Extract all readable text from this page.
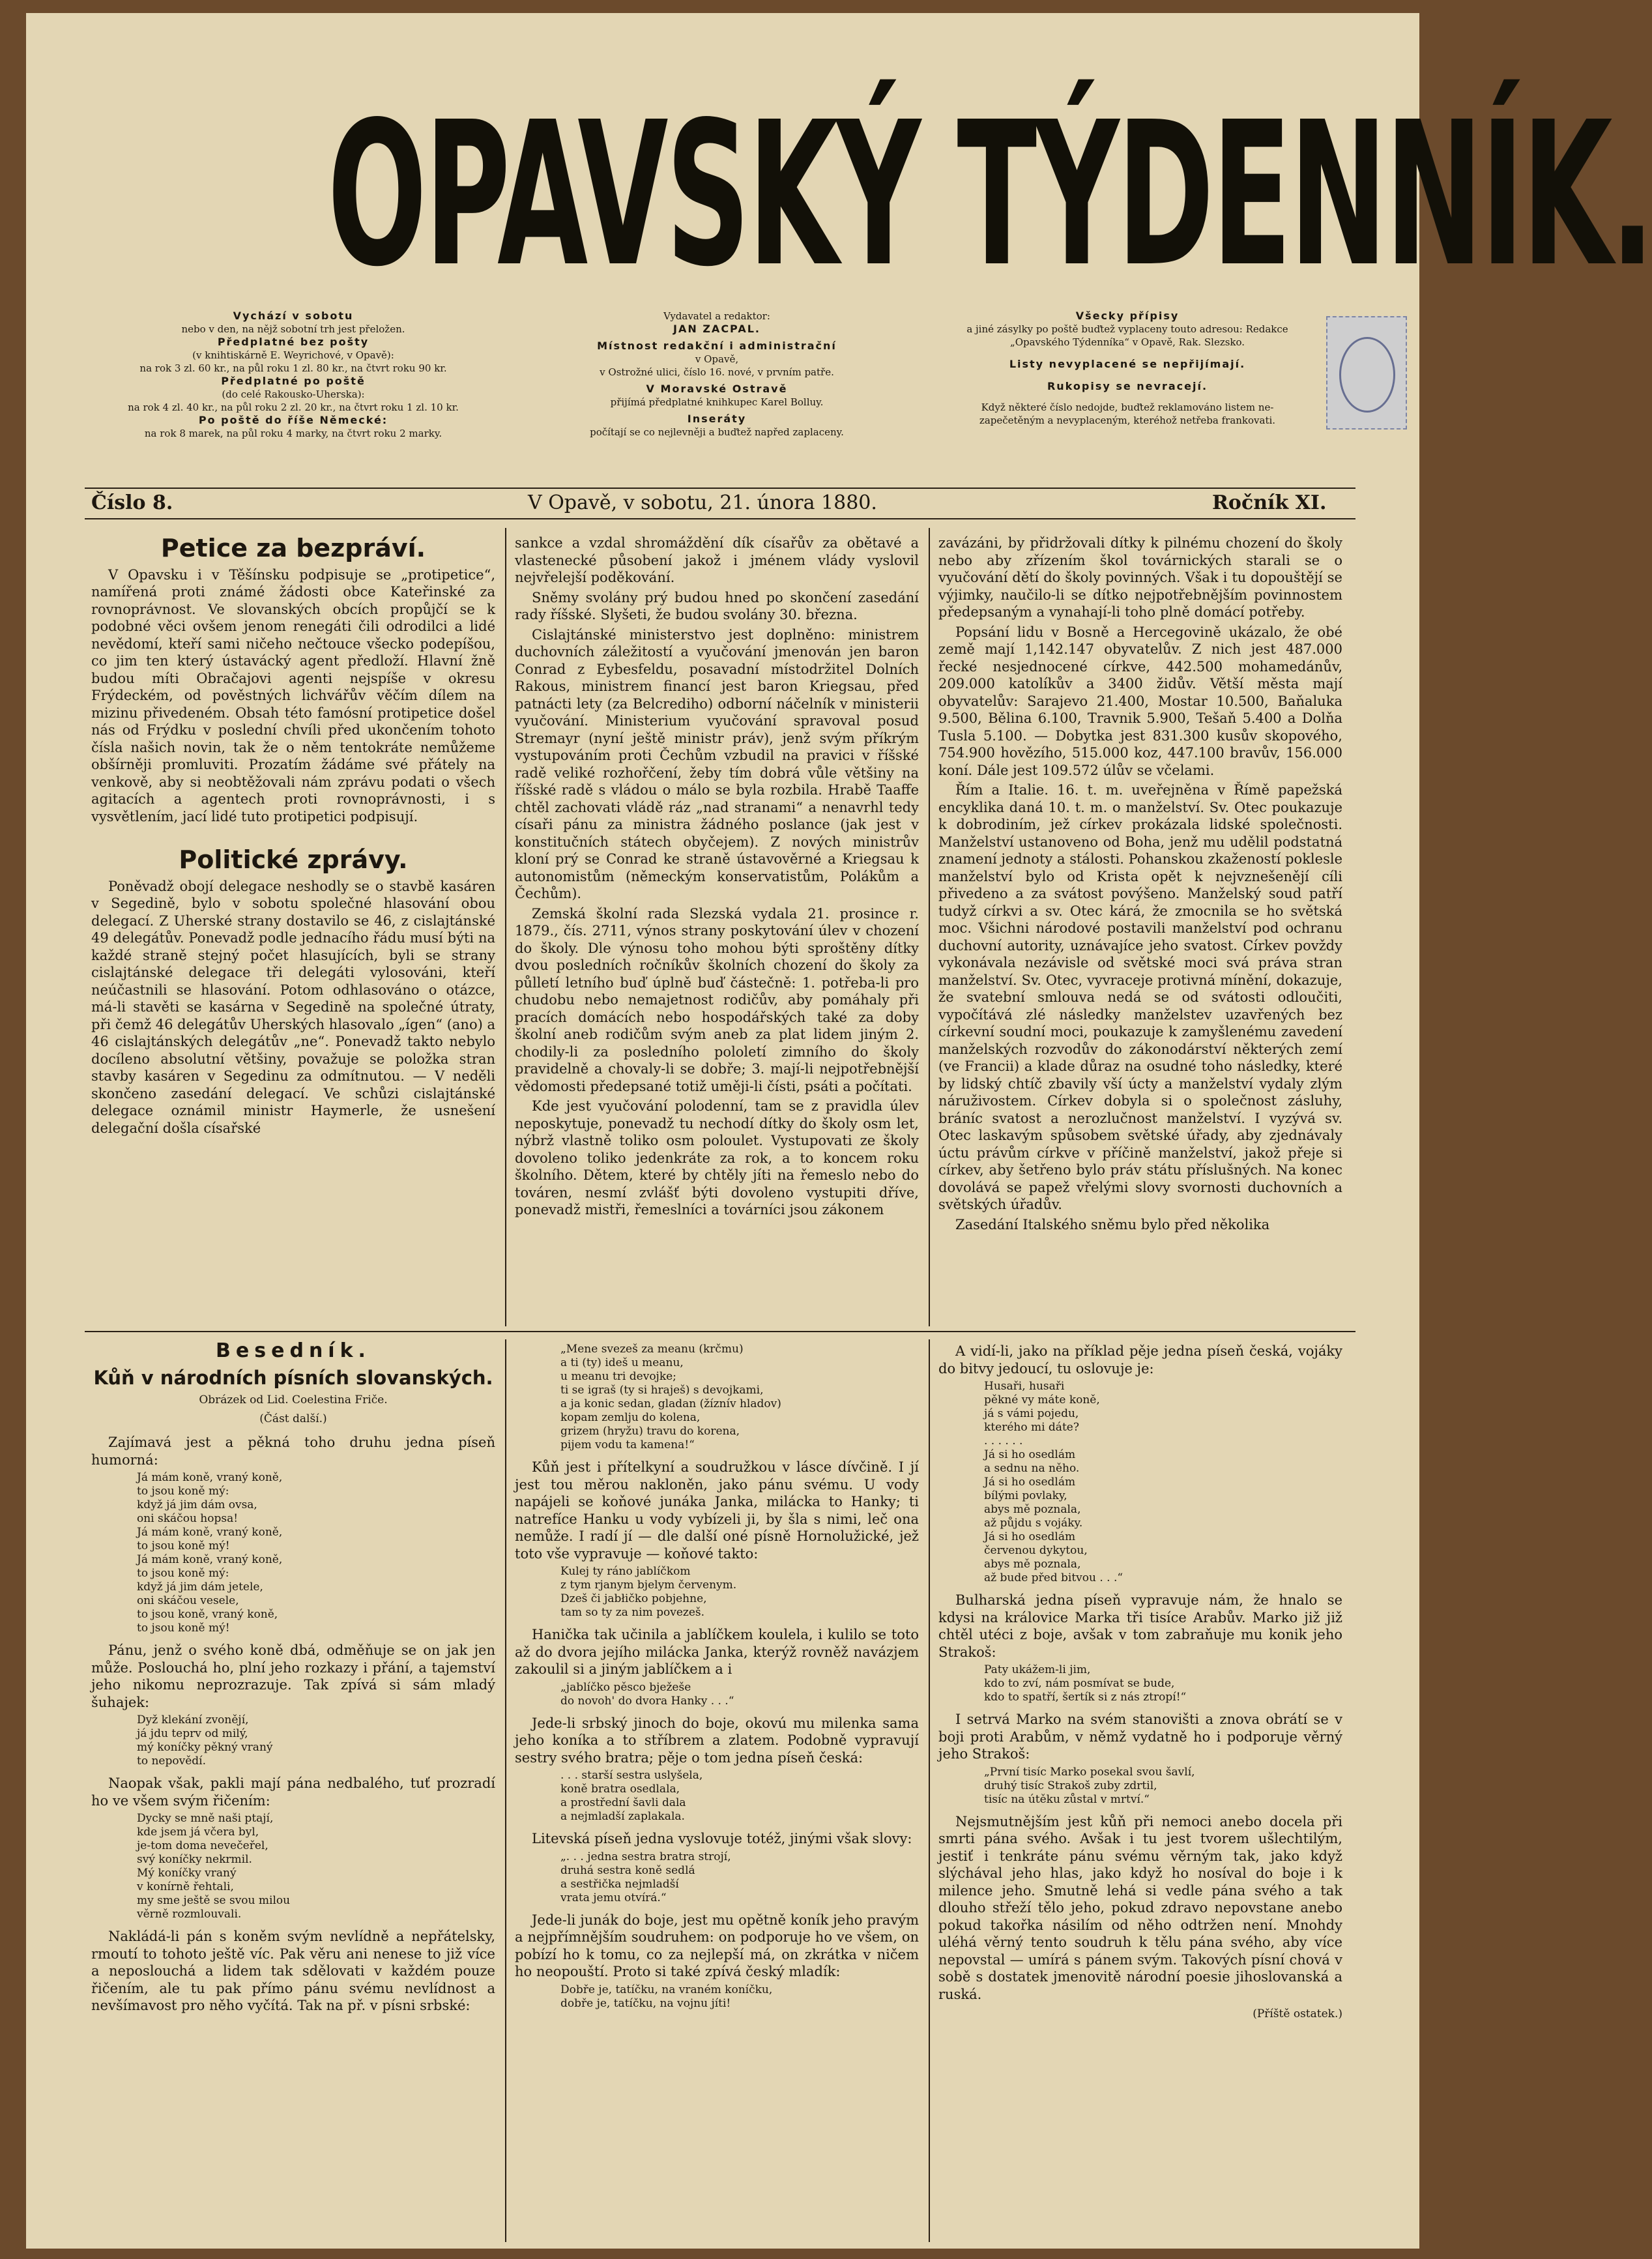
OPAVSKÝ TÝDENNÍK.
Vychází v sobotu
nebo v den, na nějž sobotní trh jest přeložen.
Předplatné bez pošty
(v knihtiskárně E. Weyrichové, v Opavě):
na rok 3 zl. 60 kr., na půl roku 1 zl. 80 kr., na čtvrt roku 90 kr.
Předplatné po poště
(do celé Rakousko-Uherska):
na rok 4 zl. 40 kr., na půl roku 2 zl. 20 kr., na čtvrt roku 1 zl. 10 kr.
Po poště do říše Německé:
na rok 8 marek, na půl roku 4 marky, na čtvrt roku 2 marky.
Vydavatel a redaktor:
JAN ZACPAL.
Místnost redakční i administrační
v Opavě,
v Ostrožné ulici, číslo 16. nové, v prvním patře.
V Moravské Ostravě
přijímá předplatné knihkupec Karel Bolluy.
Inseráty
počítají se co nejlevněji a buďtež napřed zaplaceny.
Všecky přípisy
a jiné zásylky po poště buďtež vyplaceny touto adresou: Redakce
„Opavského Týdenníka“ v Opavě, Rak. Slezsko.
Listy nevyplacené se nepřijímají.
Rukopisy se nevracejí.
Když některé číslo nedojde, buďtež reklamováno listem ne-
zapečetěným a nevyplaceným, kteréhož netřeba frankovati.
Číslo 8.	V Opavě, v sobotu, 21. února 1880.	Ročník XI.
Petice za bezpráví.

V Opavsku i v Těšínsku podpisuje se „protipetice“, namířená proti známé žádosti obce Kateřinské za rovnoprávnost. Ve slovanských obcích propůjčí se k podobné věci ovšem jenom renegáti čili odrodilci a lidé nevědomí, kteří sami ničeho nečtouce všecko podepíšou, co jim ten který ústavácký agent předloží. Hlavní žně budou míti Obračajovi agenti nejspíše v okresu Frýdeckém, od pověstných lichvářův věčím dílem na mizinu přivedeném. Obsah této famósní protipetice došel nás od Frýdku v poslední chvíli před ukončením tohoto čísla našich novin, tak že o něm tentokráte nemůžeme obšírněji promluviti. Prozatím žádáme své přátely na venkově, aby si neobtěžovali nám zprávu podati o všech agitacích a agentech proti rovnoprávnosti, i s vysvětlením, jací lidé tuto protipetici podpisují.

Politické zprávy.

Poněvadž obojí delegace neshodly se o stavbě kasáren v Segedině, bylo v sobotu společné hlasování obou delegací. Z Uherské strany dostavilo se 46, z cislajtánské 49 delegátův. Ponevadž podle jednacího řádu musí býti na každé straně stejný počet hlasujících, byli se strany cislajtánské delegace tři delegáti vylosováni, kteří neúčastnili se hlasování. Potom odhlasováno o otázce, má-li stavěti se kasárna v Segedině na společné útraty, při čemž 46 delegátův Uherských hlasovalo „ígen“ (ano) a 46 cislajtánských delegátův „ne“. Ponevadž takto nebylo docíleno absolutní většiny, považuje se položka stran stavby kasáren v Segedinu za odmítnutou. — V neděli skončeno zasedání delegací. Ve schůzi cislajtánské delegace oznámil ministr Haymerle, že usnešení delegační došla císařské

sankce a vzdal shromáždění dík císařův za obětavé a vlastenecké působení jakož i jménem vlády vyslovil nejvřelejší poděkování.

Sněmy svolány prý budou hned po skončení zasedání rady říšské. Slyšeti, že budou svolány 30. března.

Cislajtánské ministerstvo jest doplněno: ministrem duchovních záležitostí a vyučování jmenován jen baron Conrad z Eybesfeldu, posavadní místodržitel Dolních Rakous, ministrem financí jest baron Kriegsau, před patnácti lety (za Belcrediho) odborní náčelník v ministerii vyučování. Ministerium vyučování spravoval posud Stremayr (nyní ještě ministr práv), jenž svým příkrým vystupováním proti Čechům vzbudil na pravici v říšské radě veliké rozhořčení, žeby tím dobrá vůle většiny na říšské radě s vládou o málo se byla rozbila. Hrabě Taaffe chtěl zachovati vládě ráz „nad stranami“ a nenavrhl tedy císaři pánu za ministra žádného poslance (jak jest v konstitučních státech obyčejem). Z nových ministrův kloní prý se Conrad ke straně ústavověrné a Kriegsau k autonomistům (německým konservatistům, Polákům a Čechům).

Zemská školní rada Slezská vydala 21. prosince r. 1879., čís. 2711, výnos strany poskytování úlev v chození do školy. Dle výnosu toho mohou býti sproštěny dítky dvou posledních ročníkův školních chození do školy za půlletí letního buď úplně buď částečně: 1. potřeba-li pro chudobu nebo nemajetnost rodičův, aby pomáhaly při pracích domácích nebo hospodářských také za doby školní aneb rodičům svým aneb za plat lidem jiným 2. chodily-li za posledního pololetí zimního do školy pravidelně a chovaly-li se dobře; 3. mají-li nejpotřebnější vědomosti předepsané totiž uměji-li čísti, psáti a počítati.

Kde jest vyučování polodenní, tam se z pravidla úlev neposkytuje, ponevadž tu nechodí dítky do školy osm let, nýbrž vlastně toliko osm poloulet. Vystupovati ze školy dovoleno toliko jedenkráte za rok, a to koncem roku školního. Dětem, které by chtěly jíti na řemeslo nebo do továren, nesmí zvlášť býti dovoleno vystupiti dříve, ponevadž mistři, řemeslníci a továrníci jsou zákonem

zavázáni, by přidržovali dítky k pilnému chození do školy nebo aby zřízením škol továrnických starali se o vyučování dětí do školy povinných. Však i tu dopouštějí se výjimky, naučilo-li se dítko nejpotřebnějším povinnostem předepsaným a vynahají-li toho plně domácí potřeby.

Popsání lidu v Bosně a Hercegovině ukázalo, že obé země mají 1,142.147 obyvatelův. Z nich jest 487.000 řecké nesjednocené církve, 442.500 mohamedánův, 209.000 katolíkův a 3400 židův. Větší města mají obyvatelův: Sarajevo 21.400, Mostar 10.500, Baňaluka 9.500, Bělina 6.100, Travnik 5.900, Tešaň 5.400 a Dolňa Tusla 5.100. — Dobytka jest 831.300 kusův skopového, 754.900 hovězího, 515.000 koz, 447.100 bravův, 156.000 koní. Dále jest 109.572 úlův se včelami.

Řím a Italie. 16. t. m. uveřejněna v Římě papežská encyklika daná 10. t. m. o manželství. Sv. Otec poukazuje k dobrodiním, jež církev prokázala lidské společnosti. Manželství ustanoveno od Boha, jenž mu udělil podstatná znamení jednoty a stálosti. Pohanskou zkažeností poklesle manželství bylo od Krista opět k nejvznešenějí cíli přivedeno a za svátost povýšeno. Manželský soud patří tudyž církvi a sv. Otec kárá, že zmocnila se ho světská moc. Všichni národové postavili manželství pod ochranu duchovní autority, uznávajíce jeho svatost. Církev povždy vykonávala nezávisle od světské moci svá práva stran manželství. Sv. Otec, vyvraceje protivná mínění, dokazuje, že svatební smlouva nedá se od svátosti odloučiti, vypočítává zlé následky manželstev uzavřených bez církevní soudní moci, poukazuje k zamyšlenému zavedení manželských rozvodův do zákonodárství některých zemí (ve Francii) a klade důraz na osudné toho následky, které by lidský chtíč zbavily vší úcty a manželství vydaly zlým náruživostem. Církev dobyla si o společnost zásluhy, bráníc svatost a nerozlučnost manželství. I vyzývá sv. Otec laskavým spůsobem světské úřady, aby zjednávaly úctu právům církve v příčině manželství, jakož přeje si církev, aby šetřeno bylo práv státu příslušných. Na konec dovolává se papež vřelými slovy svornosti duchovních a světských úřadův.

Zasedání Italského sněmu bylo před několika

Besedník.
Kůň v národních písních slovanských.
Obrázek od Lid. Coelestina Friče.
(Část další.)

Zajímavá jest a pěkná toho druhu jedna píseň humorná:

Já mám koně, vraný koně,
to jsou koně mý:
když já jim dám ovsa,
oni skáčou hopsa!
Já mám koně, vraný koně,
to jsou koně mý!
Já mám koně, vraný koně,
to jsou koně mý:
když já jim dám jetele,
oni skáčou vesele,
to jsou koně, vraný koně,
to jsou koně mý!

Pánu, jenž o svého koně dbá, odměňuje se on jak jen může. Poslouchá ho, plní jeho rozkazy i přání, a tajemství jeho nikomu neprozrazuje. Tak zpívá si sám mladý šuhajek:

Dyž klekání zvonějí,
já jdu teprv od milý,
mý koníčky pěkný vraný
to nepovědí.

Naopak však, pakli mají pána nedbalého, tuť prozradí ho ve všem svým řičením:

Dycky se mně naši ptají,
kde jsem já včera byl,
je-tom doma nevečeřel,
svý koníčky nekrmil.
Mý koníčky vraný
v konírně řehtali,
my sme ještě se svou milou
věrně rozmlouvali.

Nakládá-li pán s koněm svým nevlídně a nepřátelsky, rmoutí to tohoto ještě víc. Pak věru ani nenese to již více a neposlouchá a lidem tak sdělovati v každém pouze řičením, ale tu pak přímo pánu svému nevlídnost a nevšímavost pro něho vyčítá. Tak na př. v písni srbské:

„Mene svezeš za meanu (krčmu)
a ti (ty) ideš u meanu,
u meanu tri devojke;
ti se igraš (ty si hraješ) s devojkami,
a ja konic sedan, gladan (žíznív hladov)
kopam zemlju do kolena,
grizem (hryžu) travu do korena,
pijem vodu ta kamena!“

Kůň jest i přítelkyní a soudružkou v lásce dívčině. I jí jest tou měrou nakloněn, jako pánu svému. U vody napájeli se koňové junáka Janka, milácka to Hanky; ti natrefíce Hanku u vody vybízeli ji, by šla s nimi, leč ona nemůže. I radí jí — dle další oné písně Hornolužické, jež toto vše vypravuje — koňové takto:

Kulej ty ráno jablíčkom
z tym rjanym bjelym červenym.
Dzeš či jabłičko pobjehne,
tam so ty za nim povezeš.

Hanička tak učinila a jablíčkem koulela, i kulilo se toto až do dvora jejího milácka Janka, kterýž rovněž navázjem zakoulil si a jiným jablíčkem a i

„jablíčko pěsco bježeše
do novoh' do dvora Hanky . . .“

Jede-li srbský jinoch do boje, okovú mu milenka sama jeho koníka a to stříbrem a zlatem. Podobně vypravují sestry svého bratra; pěje o tom jedna píseň česká:

. . . starší sestra uslyšela,
koně bratra osedlala,
a prostřední šavli dala
a nejmladší zaplakala.

Litevská píseň jedna vyslovuje totéž, jinými však slovy:

„. . . jedna sestra bratra strojí,
druhá sestra koně sedlá
a sestřička nejmladší
vrata jemu otvírá.“

Jede-li junák do boje, jest mu opětně koník jeho pravým a nejpřímnějším soudruhem: on podporuje ho ve všem, on pobízí ho k tomu, co za nejlepší má, on zkrátka v ničem ho neopouští. Proto si také zpívá český mladík:

Dobře je, tatíčku, na vraném koníčku,
dobře je, tatíčku, na vojnu jíti!

A vidí-li, jako na příklad pěje jedna píseň česká, vojáky do bitvy jedoucí, tu oslovuje je:

Husaři, husaři
pěkné vy máte koně,
já s vámi pojedu,
kterého mi dáte?
. . . . . .
Já si ho osedlám
a sednu na něho.
Já si ho osedlám
bílými povlaky,
abys mě poznala,
až půjdu s vojáky.
Já si ho osedlám
červenou dykytou,
abys mě poznala,
až bude před bitvou . . .“

Bulharská jedna píseň vypravuje nám, že hnalo se kdysi na královice Marka tři tisíce Arabův. Marko již již chtěl utéci z boje, avšak v tom zabraňuje mu konik jeho Strakoš:

Paty ukážem-li jim,
kdo to zví, nám posmívat se bude,
kdo to spatří, šertík si z nás ztropí!“

I setrvá Marko na svém stanovišti a znova obrátí se v boji proti Arabům, v němž vydatně ho i podporuje věrný jeho Strakoš:

„První tisíc Marko posekal svou šavlí,
druhý tisíc Strakoš zuby zdrtil,
tisíc na útěku zůstal v mrtví.“

Nejsmutnějším jest kůň při nemoci anebo docela při smrti pána svého. Avšak i tu jest tvorem ušlechtilým, jestiť i tenkráte pánu svému věrným tak, jako když slýchával jeho hlas, jako když ho nosíval do boje i k milence jeho. Smutně lehá si vedle pána svého a tak dlouho střeží tělo jeho, pokud zdravo nepovstane anebo pokud takořka násilím od něho odtržen není. Mnohdy uléhá věrný tento soudruh k tělu pána svého, aby více nepovstal — umírá s pánem svým. Takových písní chová v sobě s dostatek jmenovitě národní poesie jihoslovanská a ruská.

(Příště ostatek.)
